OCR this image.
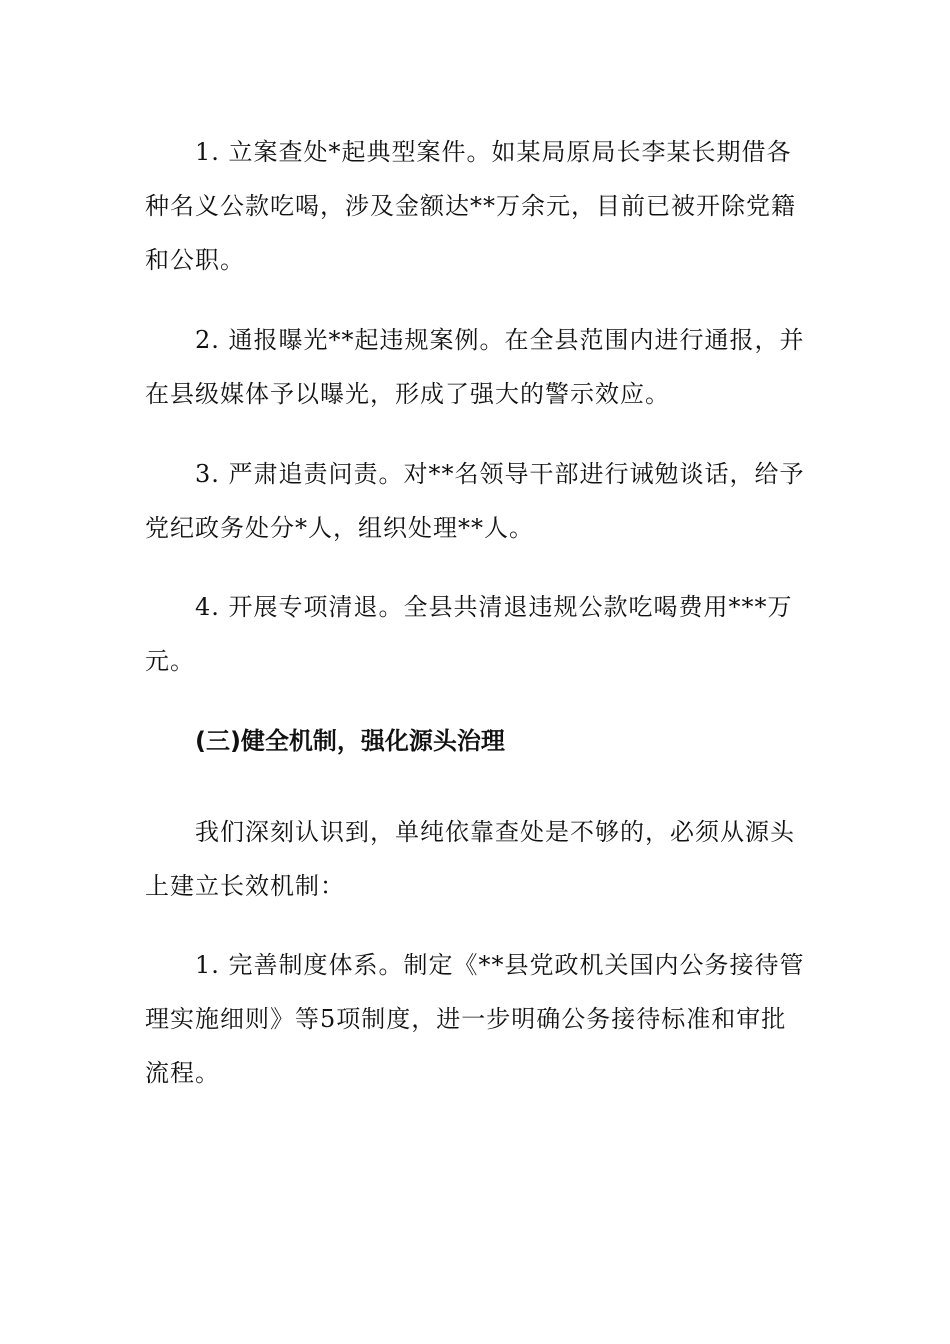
1. 立案查处*起典型案件。如某局原局长李某长期借各种名义公款吃喝，涉及金额达**万余元，目前已被开除党籍和公职。

2. 通报曝光**起违规案例。在全县范围内进行通报，并在县级媒体予以曝光，形成了强大的警示效应。

3. 严肃追责问责。对**名领导干部进行诫勉谈话，给予党纪政务处分*人，组织处理**人。

4. 开展专项清退。全县共清退违规公款吃喝费用***万元。

(三)健全机制，强化源头治理

我们深刻认识到，单纯依靠查处是不够的，必须从源头上建立长效机制：

1. 完善制度体系。制定《**县党政机关国内公务接待管理实施细则》等5项制度，进一步明确公务接待标准和审批流程。
